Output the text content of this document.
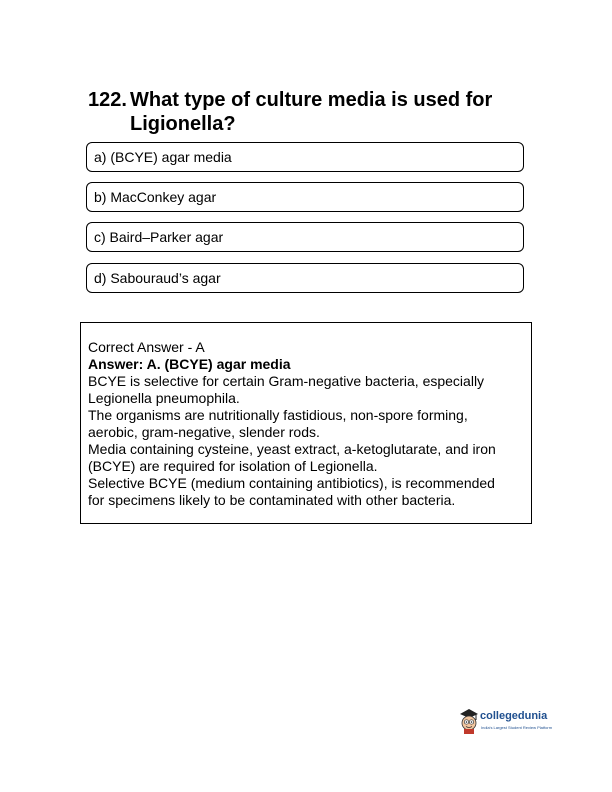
122. What type of culture media is used for
Ligionella?
a) (BCYE) agar media
b) MacConkey agar
c) Baird–Parker agar
d) Sabouraud’s agar
Correct Answer - A
Answer: A. (BCYE) agar media
BCYE is selective for certain Gram-negative bacteria, especially
Legionella pneumophila.
The organisms are nutritionally fastidious, non-spore forming,
aerobic, gram-negative, slender rods.
Media containing cysteine, yeast extract, a-ketoglutarate, and iron
(BCYE) are required for isolation of Legionella.
Selective BCYE (medium containing antibiotics), is recommended
for specimens likely to be contaminated with other bacteria.
collegedunia
India's Largest Student Review Platform
